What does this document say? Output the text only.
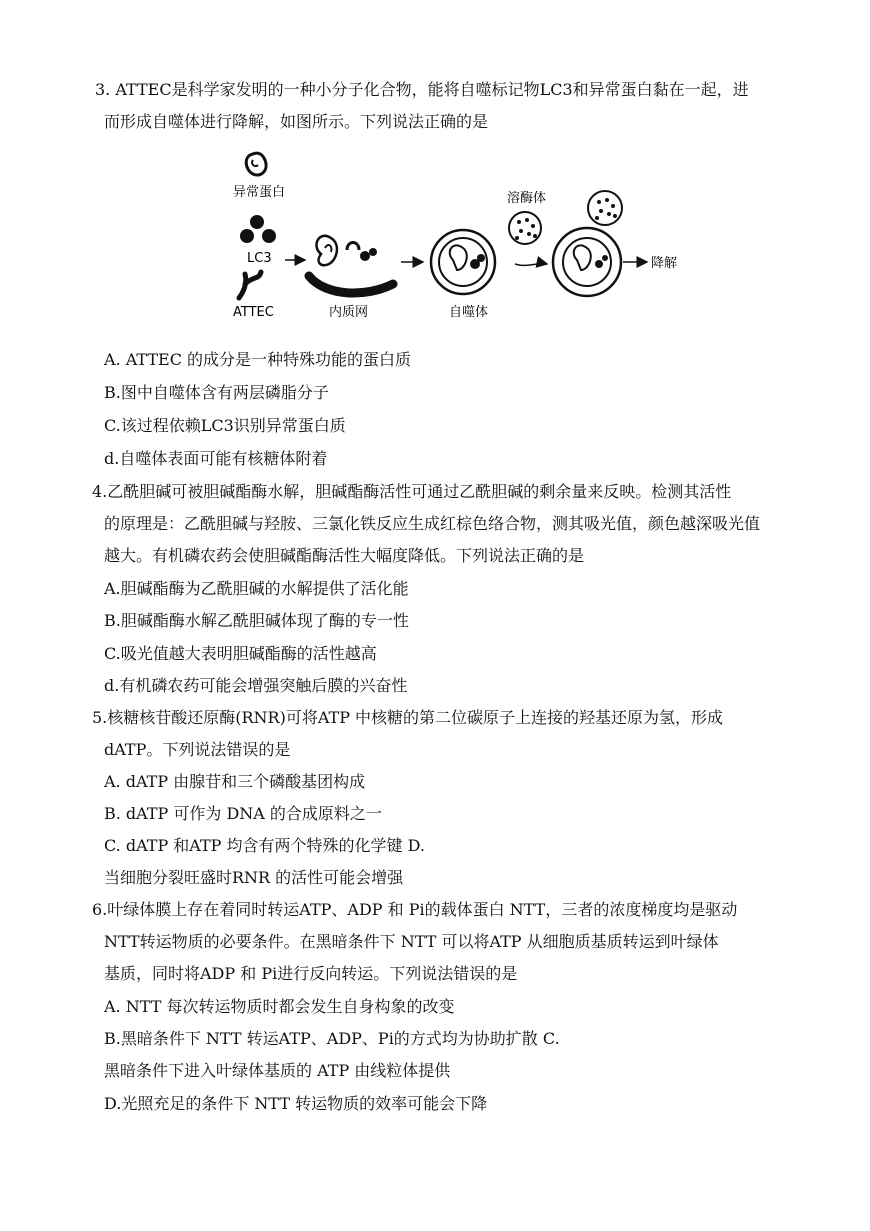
3. ATTEC是科学家发明的一种小分子化合物，能将自噬标记物LC3和异常蛋白黏在一起，进
而形成自噬体进行降解，如图所示。下列说法正确的是
异常蛋白
LC3
ATTEC	内质网	自噬体
溶酶体
降解
A. ATTEC 的成分是一种特殊功能的蛋白质
B.图中自噬体含有两层磷脂分子
C.该过程依赖LC3识别异常蛋白质
d.自噬体表面可能有核糖体附着
4.乙酰胆碱可被胆碱酯酶水解，胆碱酯酶活性可通过乙酰胆碱的剩余量来反映。检测其活性
的原理是：乙酰胆碱与羟胺、三氯化铁反应生成红棕色络合物，测其吸光值，颜色越深吸光值
越大。有机磷农药会使胆碱酯酶活性大幅度降低。下列说法正确的是
A.胆碱酯酶为乙酰胆碱的水解提供了活化能
B.胆碱酯酶水解乙酰胆碱体现了酶的专一性
C.吸光值越大表明胆碱酯酶的活性越高
d.有机磷农药可能会增强突触后膜的兴奋性
5.核糖核苷酸还原酶(RNR)可将ATP 中核糖的第二位碳原子上连接的羟基还原为氢，形成
dATP。下列说法错误的是
A. dATP 由腺苷和三个磷酸基团构成
B. dATP 可作为 DNA 的合成原料之一
C. dATP 和ATP 均含有两个特殊的化学键 D.
当细胞分裂旺盛时RNR 的活性可能会增强
6.叶绿体膜上存在着同时转运ATP、ADP 和 Pi的载体蛋白 NTT，三者的浓度梯度均是驱动
NTT转运物质的必要条件。在黑暗条件下 NTT 可以将ATP 从细胞质基质转运到叶绿体
基质，同时将ADP 和 Pi进行反向转运。下列说法错误的是
A. NTT 每次转运物质时都会发生自身构象的改变
B.黑暗条件下 NTT 转运ATP、ADP、Pi的方式均为协助扩散 C.
黑暗条件下进入叶绿体基质的 ATP 由线粒体提供
D.光照充足的条件下 NTT 转运物质的效率可能会下降
